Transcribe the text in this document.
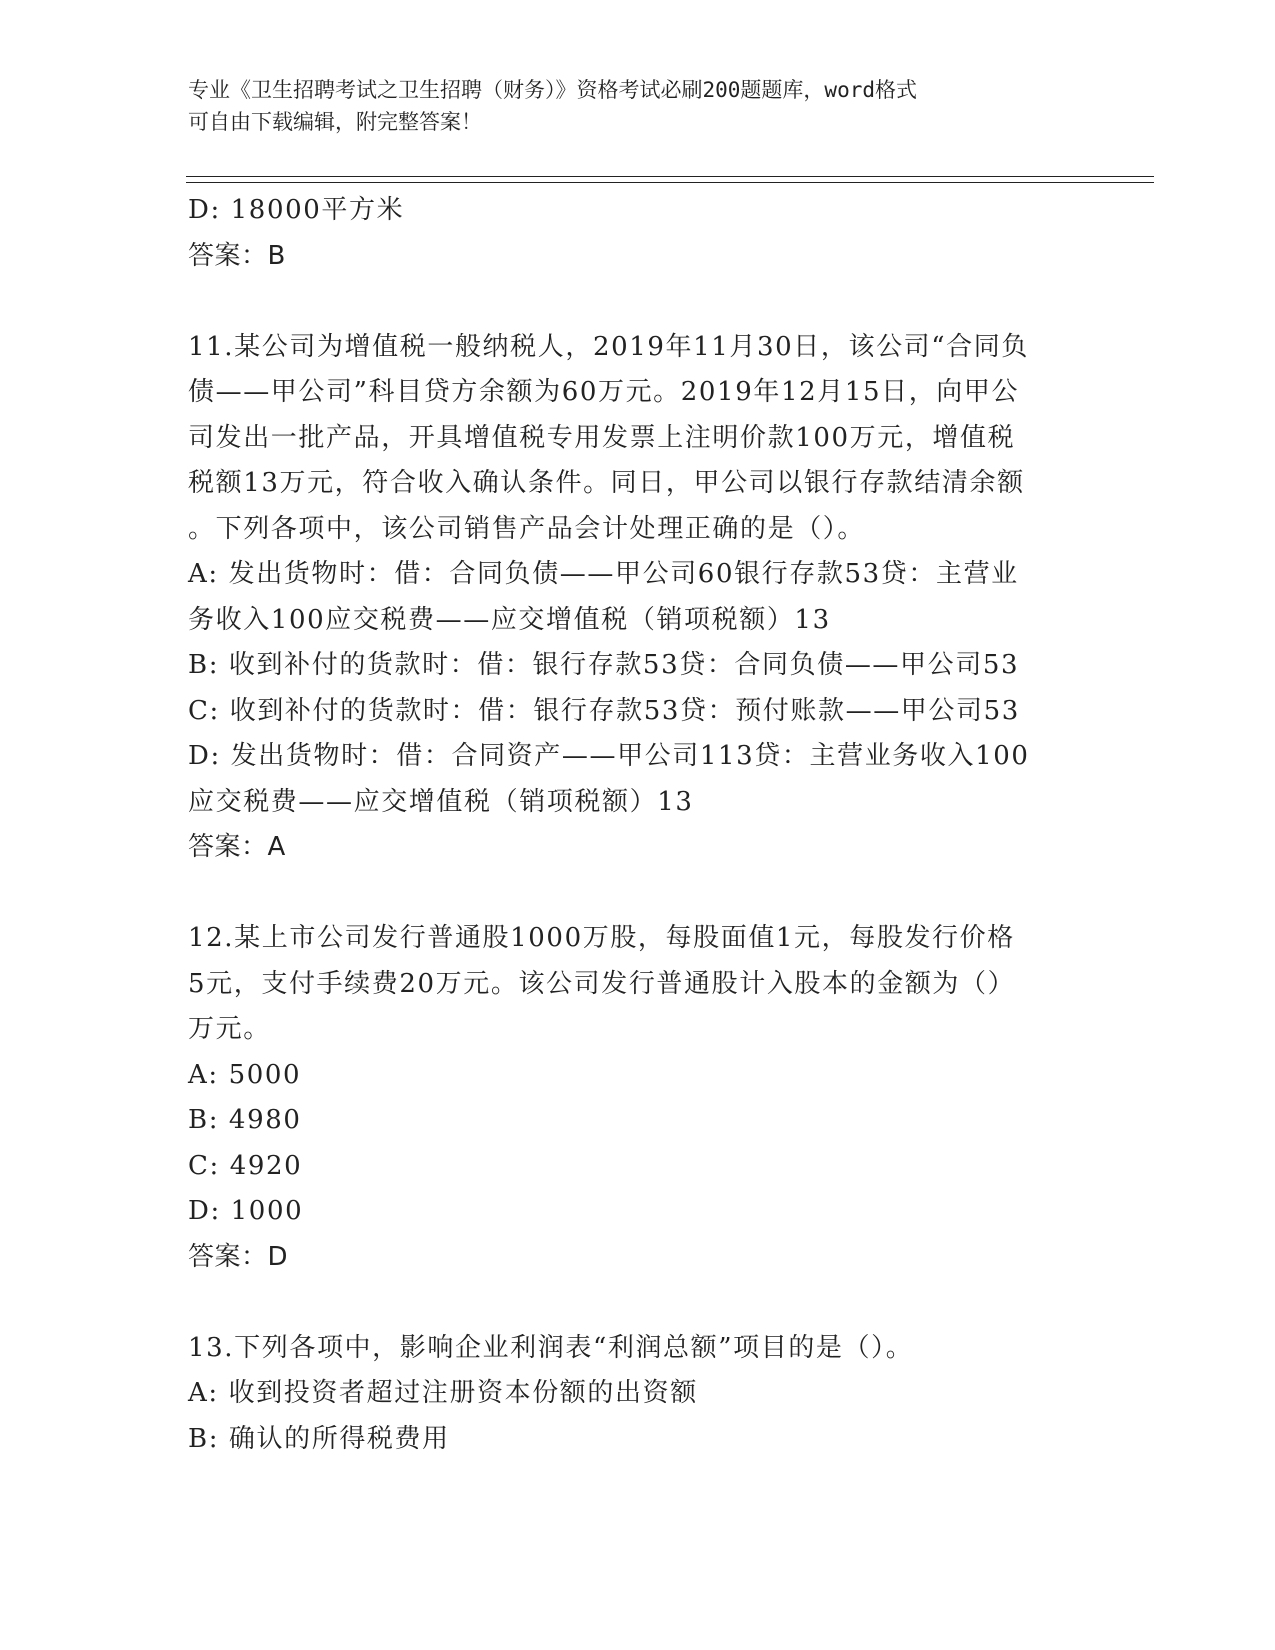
专业《卫生招聘考试之卫生招聘（财务）》资格考试必刷200题题库，word格式
可自由下载编辑，附完整答案！
D: 18000平方米
答案：B
11.某公司为增值税一般纳税人，2019年11月30日，该公司“合同负
债——甲公司”科目贷方余额为60万元。2019年12月15日，向甲公
司发出一批产品，开具增值税专用发票上注明价款100万元，增值税
税额13万元，符合收入确认条件。同日，甲公司以银行存款结清余额
。下列各项中，该公司销售产品会计处理正确的是（）。
A: 发出货物时：借：合同负债——甲公司60银行存款53贷：主营业
务收入100应交税费——应交增值税（销项税额）13
B: 收到补付的货款时：借：银行存款53贷：合同负债——甲公司53
C: 收到补付的货款时：借：银行存款53贷：预付账款——甲公司53
D: 发出货物时：借：合同资产——甲公司113贷：主营业务收入100
应交税费——应交增值税（销项税额）13
答案：A
12.某上市公司发行普通股1000万股，每股面值1元，每股发行价格
5元，支付手续费20万元。该公司发行普通股计入股本的金额为（）
万元。
A: 5000
B: 4980
C: 4920
D: 1000
答案：D
13.下列各项中，影响企业利润表“利润总额”项目的是（）。
A: 收到投资者超过注册资本份额的出资额
B: 确认的所得税费用
